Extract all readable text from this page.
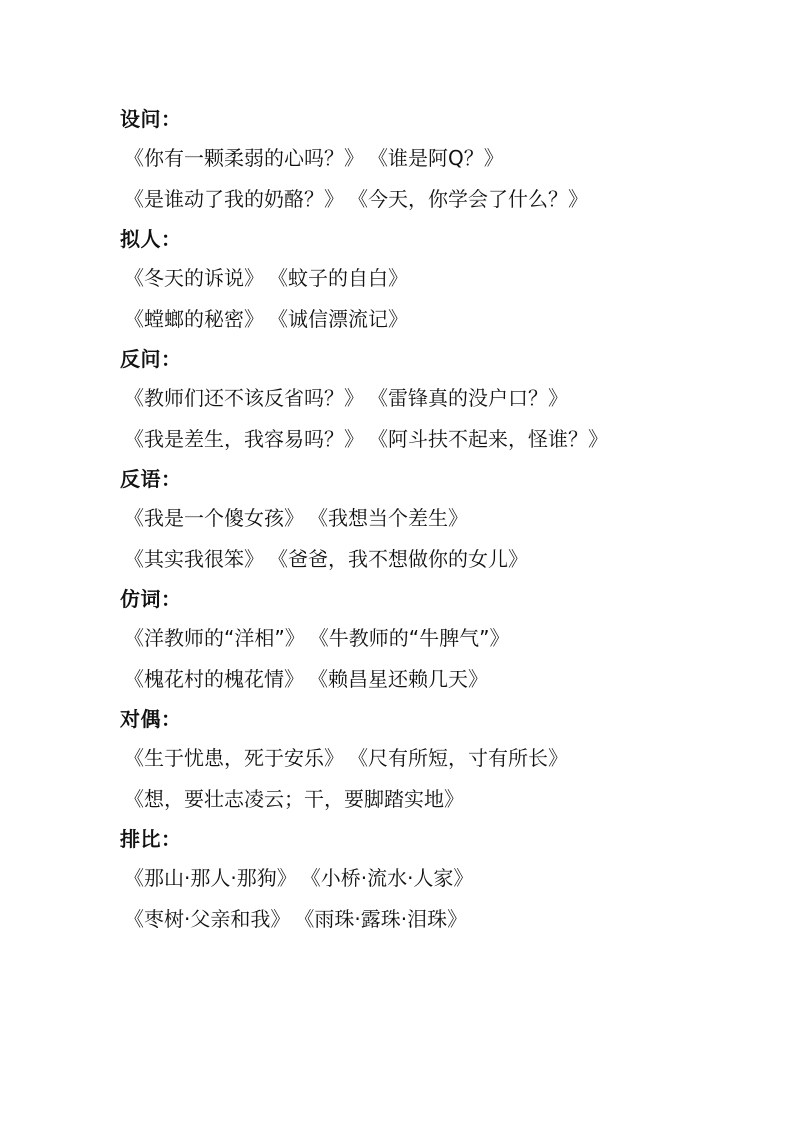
设问：
《你有一颗柔弱的心吗？》 《谁是阿Q？》
《是谁动了我的奶酪？》 《今天，你学会了什么？》
拟人：
《冬天的诉说》 《蚊子的自白》
《螳螂的秘密》 《诚信漂流记》
反问：
《教师们还不该反省吗？》 《雷锋真的没户口？》
《我是差生，我容易吗？》 《阿斗扶不起来，怪谁？》
反语：
《我是一个傻女孩》 《我想当个差生》
《其实我很笨》 《爸爸，我不想做你的女儿》
仿词：
《洋教师的“洋相”》 《牛教师的“牛脾气”》
《槐花村的槐花情》 《赖昌星还赖几天》
对偶：
《生于忧患，死于安乐》 《尺有所短，寸有所长》
《想，要壮志凌云；干，要脚踏实地》
排比：
《那山·那人·那狗》 《小桥·流水·人家》
《枣树·父亲和我》 《雨珠·露珠·泪珠》
